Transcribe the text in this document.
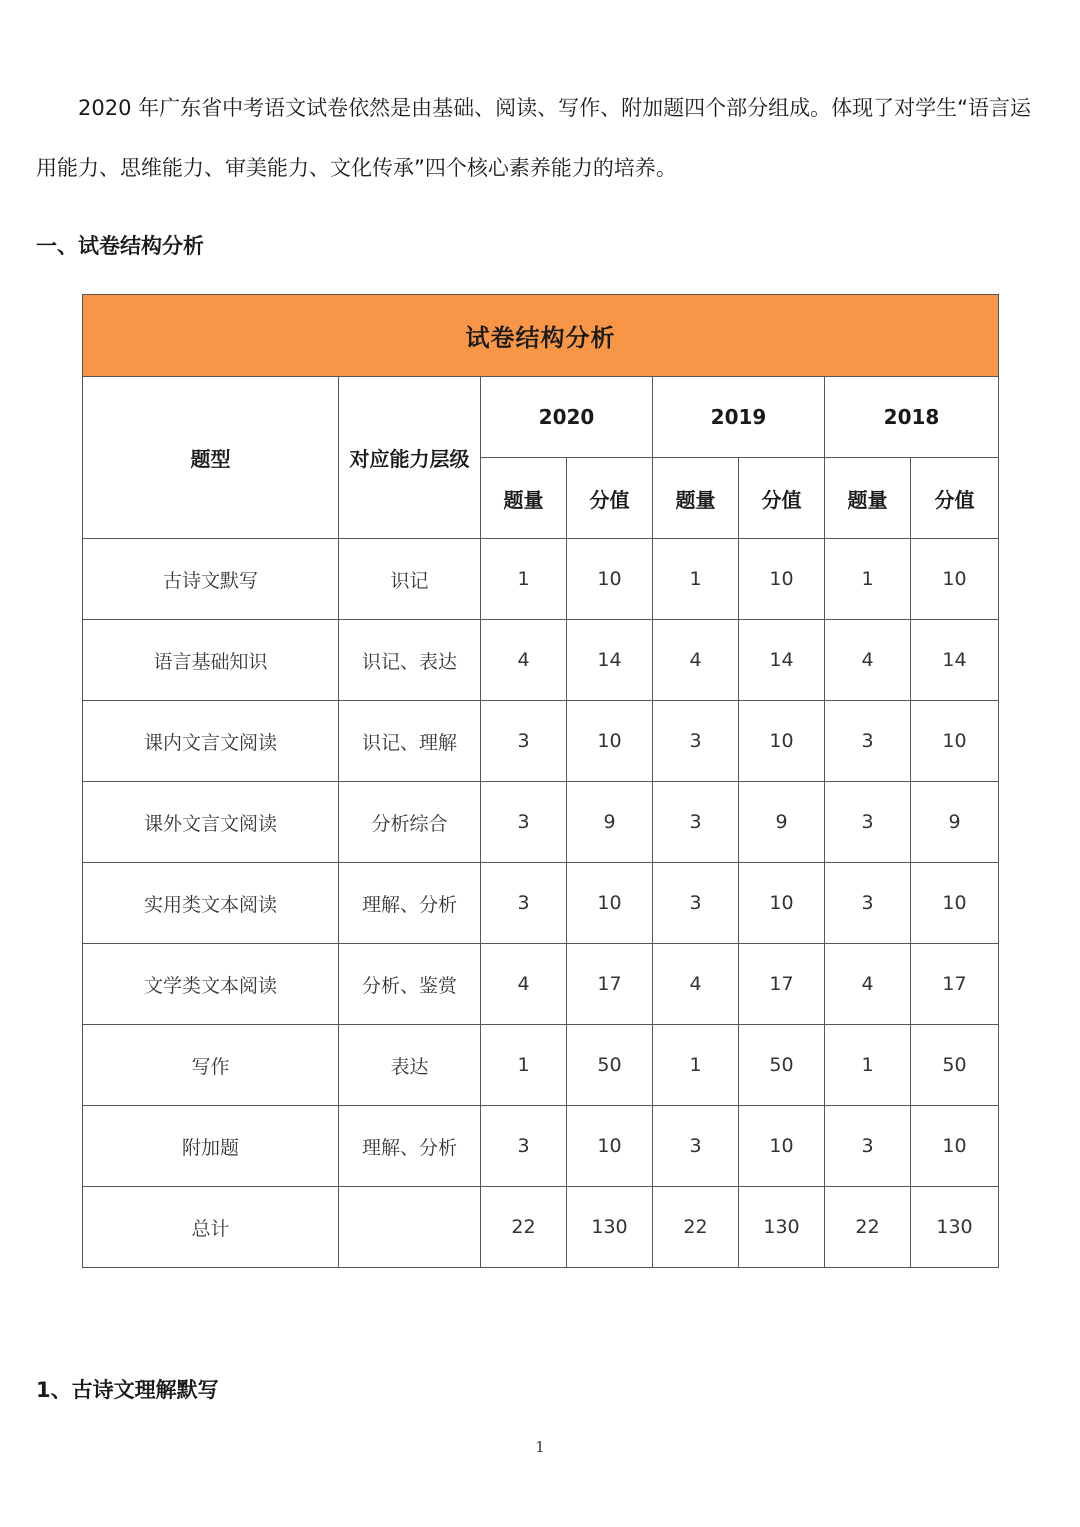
2020 年广东省中考语文试卷依然是由基础、阅读、写作、附加题四个部分组成。体现了对学生“语言运用能力、思维能力、审美能力、文化传承”四个核心素养能力的培养。

一、试卷结构分析
试卷结构分析							
题型	对应能力层级	2020		2019		2018	
		题量	分值	题量	分值	题量	分值
古诗文默写	识记	1	10	1	10	1	10
语言基础知识	识记、表达	4	14	4	14	4	14
课内文言文阅读	识记、理解	3	10	3	10	3	10
课外文言文阅读	分析综合	3	9	3	9	3	9
实用类文本阅读	理解、分析	3	10	3	10	3	10
文学类文本阅读	分析、鉴赏	4	17	4	17	4	17
写作	表达	1	50	1	50	1	50
附加题	理解、分析	3	10	3	10	3	10
总计		22	130	22	130	22	130
1、古诗文理解默写
1
